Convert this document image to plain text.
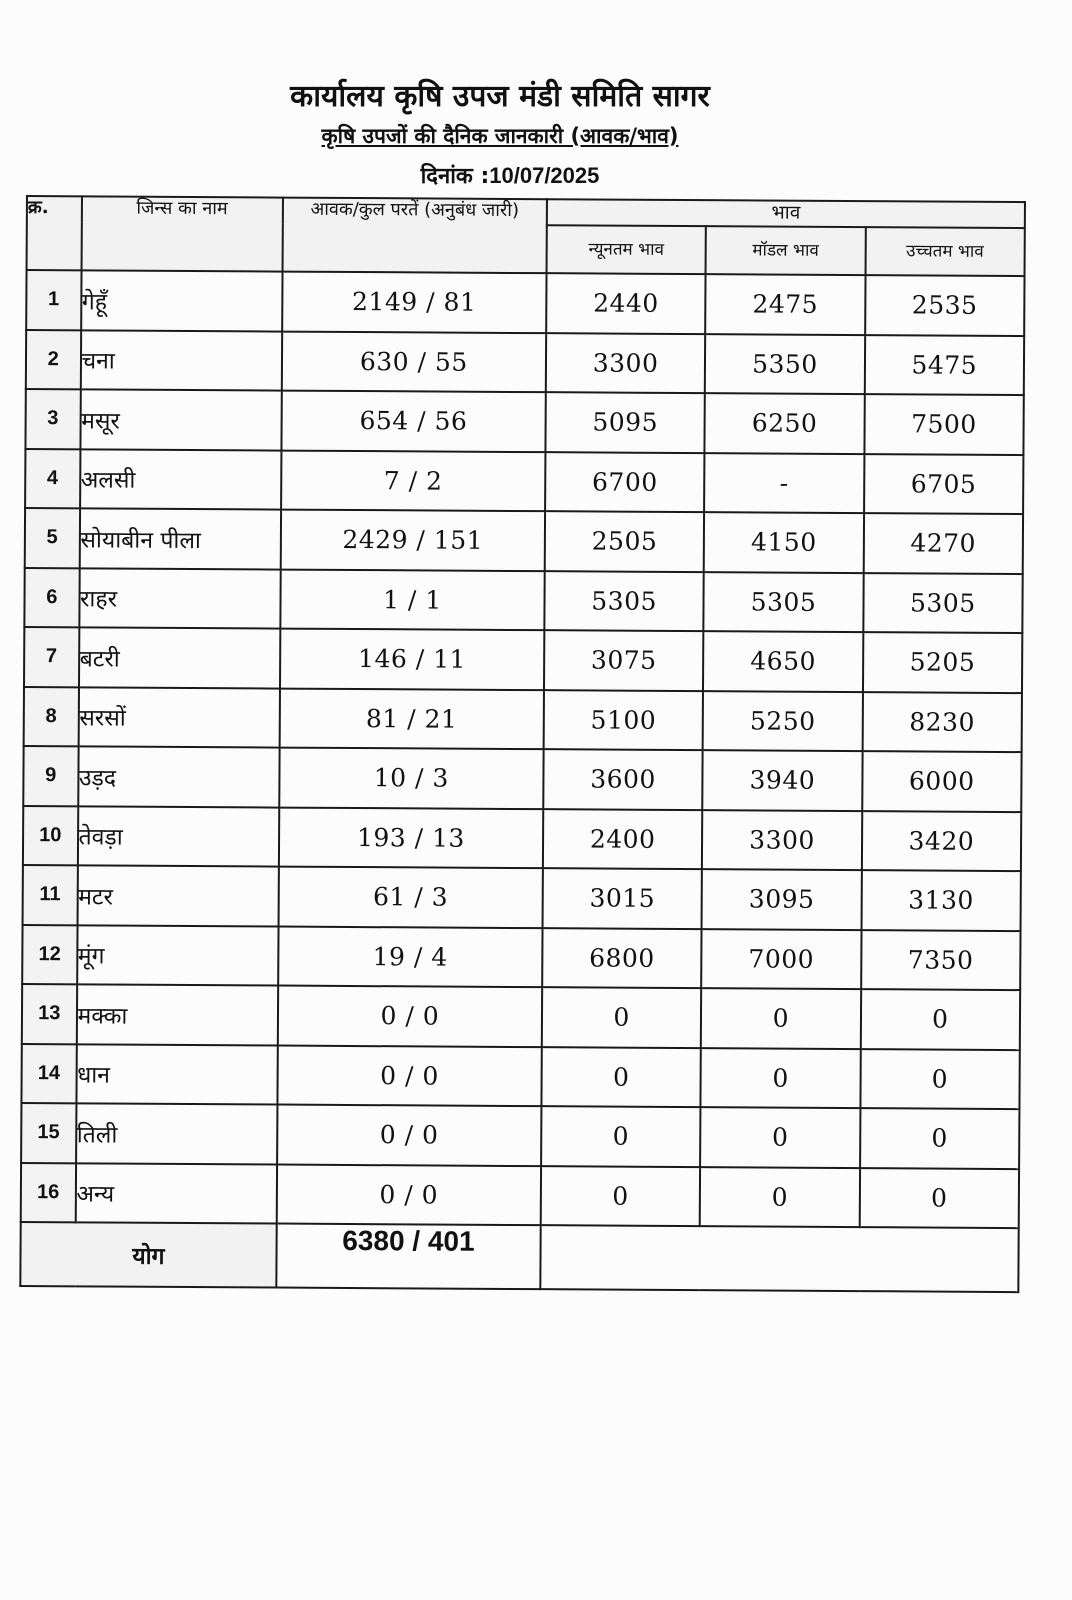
कार्यालय कृषि उपज मंडी समिति सागर
कृषि उपजों की दैनिक जानकारी (आवक/भाव)
दिनांक :10/07/2025
क्र.	जिन्स का नाम	आवक/कुल परतें (अनुबंध जारी)	भाव		
			न्यूनतम भाव	मॉडल भाव	उच्चतम भाव
1	गेहूँ	2149 / 81	2440	2475	2535
2	चना	630 / 55	3300	5350	5475
3	मसूर	654 / 56	5095	6250	7500
4	अलसी	7 / 2	6700	-	6705
5	सोयाबीन पीला	2429 / 151	2505	4150	4270
6	राहर	1 / 1	5305	5305	5305
7	बटरी	146 / 11	3075	4650	5205
8	सरसों	81 / 21	5100	5250	8230
9	उड़द	10 / 3	3600	3940	6000
10	तेवड़ा	193 / 13	2400	3300	3420
11	मटर	61 / 3	3015	3095	3130
12	मूंग	19 / 4	6800	7000	7350
13	मक्का	0 / 0	0	0	0
14	धान	0 / 0	0	0	0
15	तिली	0 / 0	0	0	0
16	अन्य	0 / 0	0	0	0
योग		6380 / 401			
